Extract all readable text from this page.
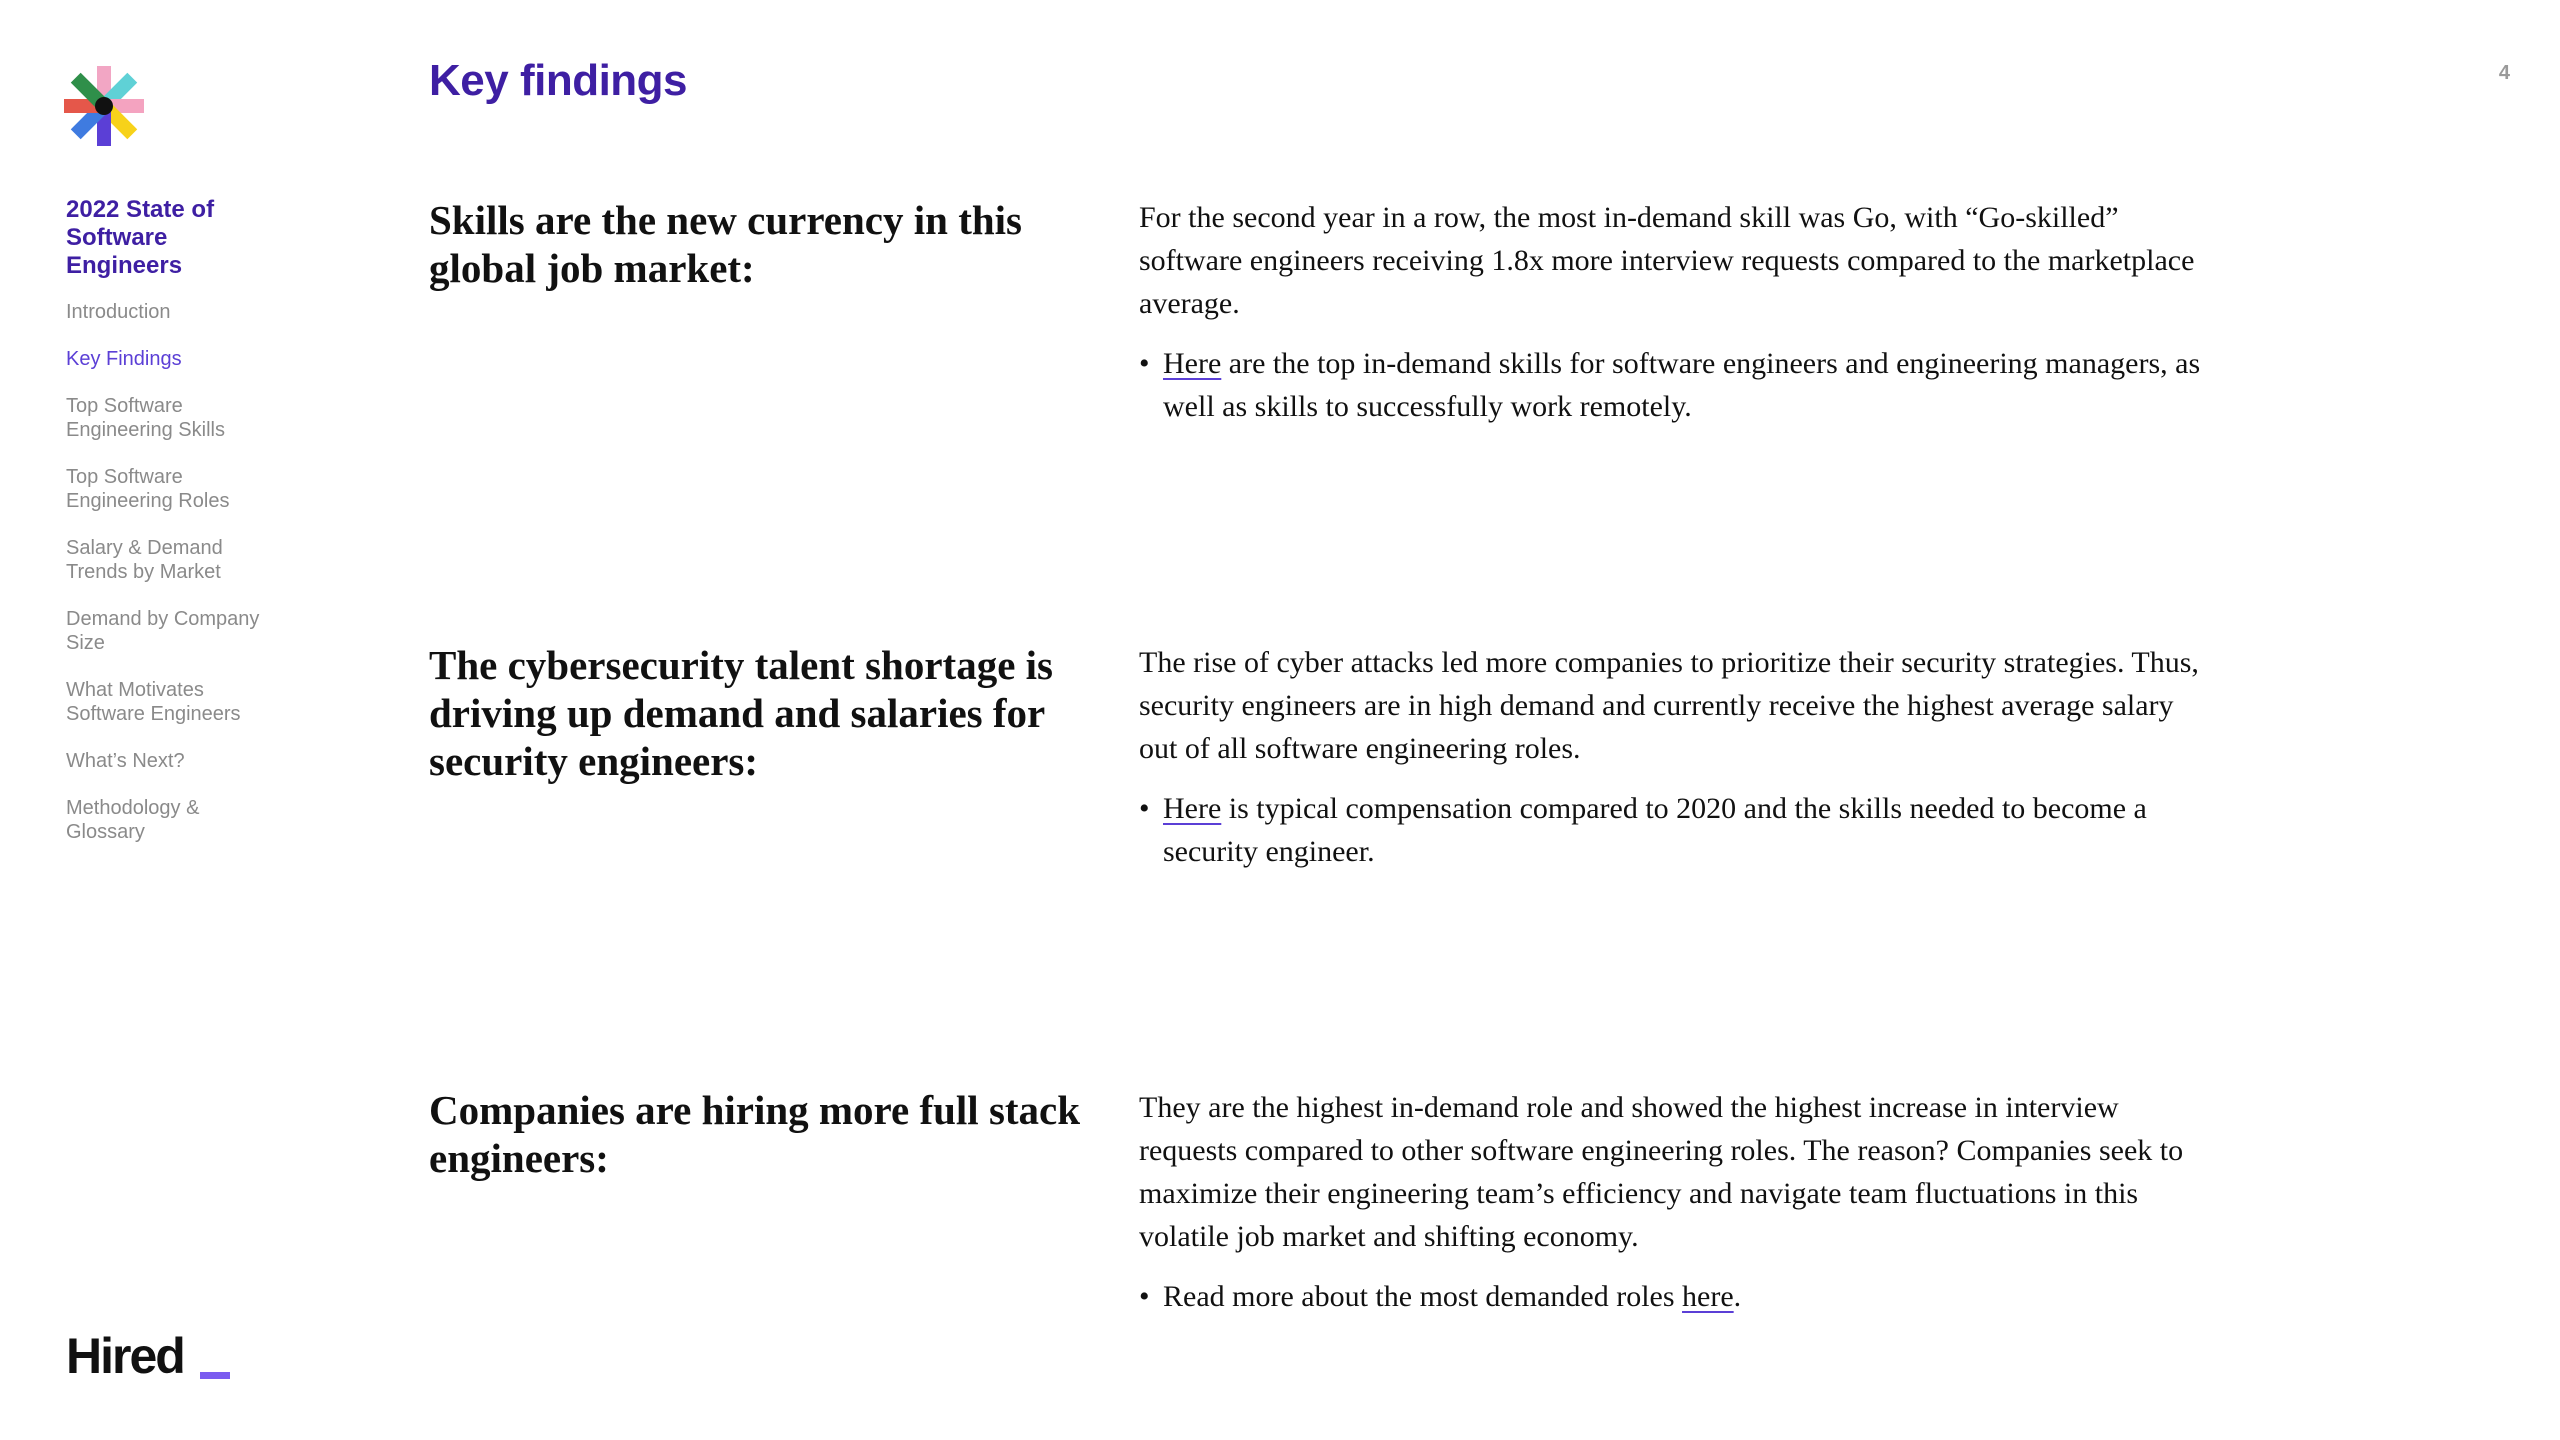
2022 State of Software Engineers
Introduction
Key Findings
Top Software Engineering Skills
Top Software Engineering Roles
Salary & Demand Trends by Market
Demand by Company Size
What Motivates Software Engineers
What’s Next?
Methodology & Glossary
4
Key findings
Skills are the new currency in this global job market:

For the second year in a row, the most in-demand skill was Go, with “Go-skilled” software engineers receiving 1.8x more interview requests compared to the marketplace average.

• Here are the top in-demand skills for software engineers and engineering managers, as well as skills to successfully work remotely.

The cybersecurity talent shortage is driving up demand and salaries for security engineers:

The rise of cyber attacks led more companies to prioritize their security strategies. Thus, security engineers are in high demand and currently receive the highest average salary out of all software engineering roles.

• Here is typical compensation compared to 2020 and the skills needed to become a security engineer.

Companies are hiring more full stack engineers:

They are the highest in-demand role and showed the highest increase in interview requests compared to other software engineering roles. The reason? Companies seek to maximize their engineering team’s efficiency and navigate team fluctuations in this volatile job market and shifting economy.

• Read more about the most demanded roles here.

Hired
